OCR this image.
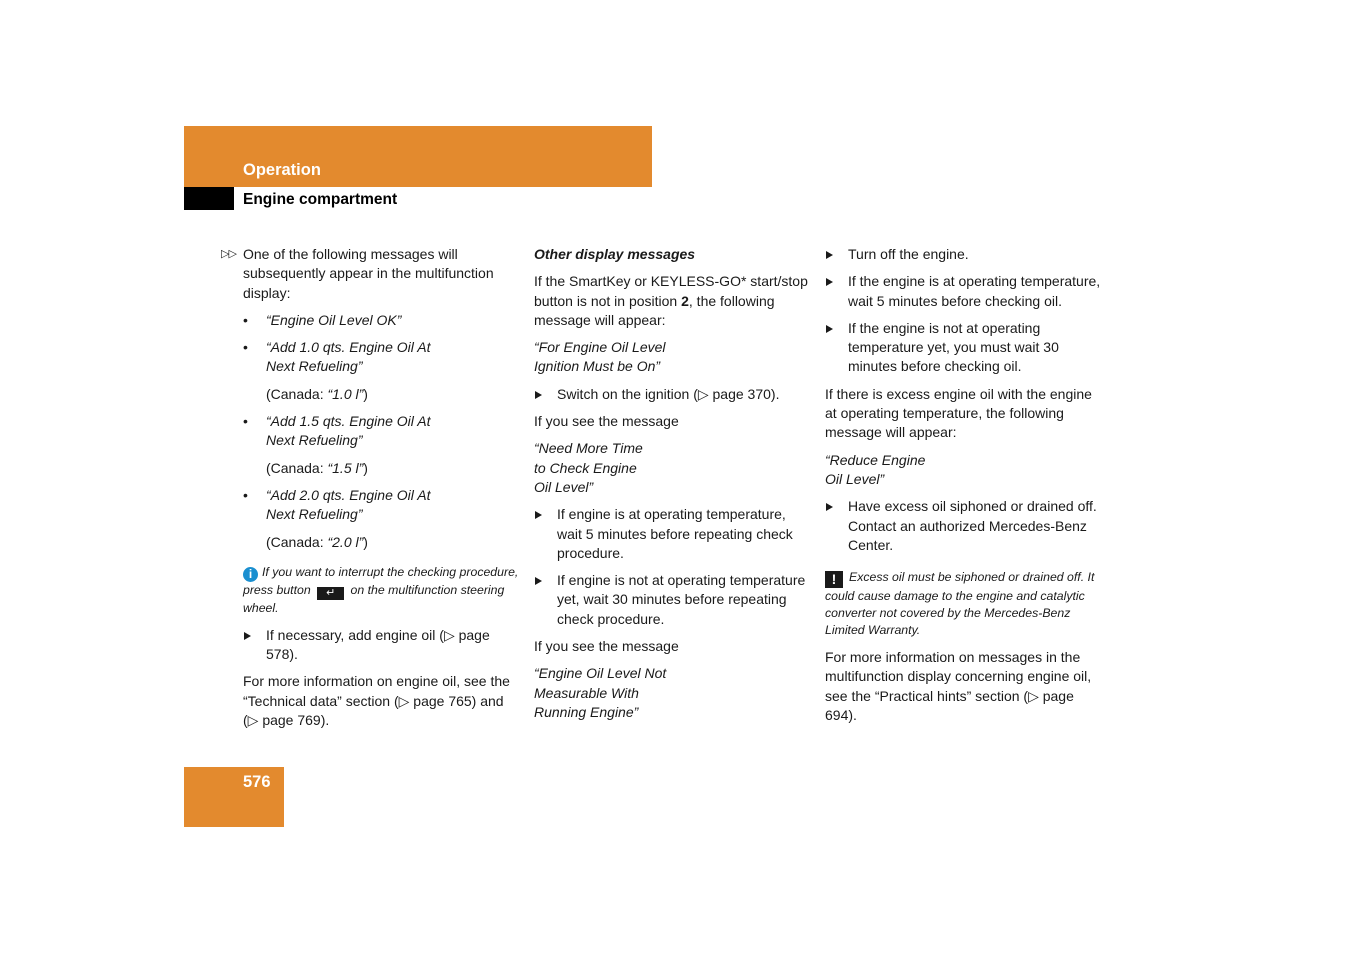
Operation
Engine compartment

▷▷ One of the following messages will subsequently appear in the multifunction display:

• “Engine Oil Level OK”
• “Add 1.0 qts. Engine Oil At Next Refueling”

(Canada: “1.0 l”)

• “Add 1.5 qts. Engine Oil At Next Refueling”

(Canada: “1.5 l”)

• “Add 2.0 qts. Engine Oil At Next Refueling”

(Canada: “2.0 l”)

i If you want to interrupt the checking procedure, press button ↵ on the multifunction steering wheel.

If necessary, add engine oil (▷ page 578).

For more information on engine oil, see the “Technical data” section (▷ page 765) and (▷ page 769).

Other display messages

If the SmartKey or KEYLESS-GO* start/stop button is not in position 2, the following message will appear:

“For Engine Oil Level Ignition Must be On”

Switch on the ignition (▷ page 370).

If you see the message

“Need More Time to Check Engine Oil Level”

If engine is at operating temperature, wait 5 minutes before repeating check procedure.
If engine is not at operating temperature yet, wait 30 minutes before repeating check procedure.

If you see the message

“Engine Oil Level Not Measurable With Running Engine”

Turn off the engine.
If the engine is at operating temperature, wait 5 minutes before checking oil.
If the engine is not at operating temperature yet, you must wait 30 minutes before checking oil.

If there is excess engine oil with the engine at operating temperature, the following message will appear:

“Reduce Engine Oil Level”

Have excess oil siphoned or drained off. Contact an authorized Mercedes-Benz Center.

! Excess oil must be siphoned or drained off. It could cause damage to the engine and catalytic converter not covered by the Mercedes-Benz Limited Warranty.

For more information on messages in the multifunction display concerning engine oil, see the “Practical hints” section (▷ page 694).

576
